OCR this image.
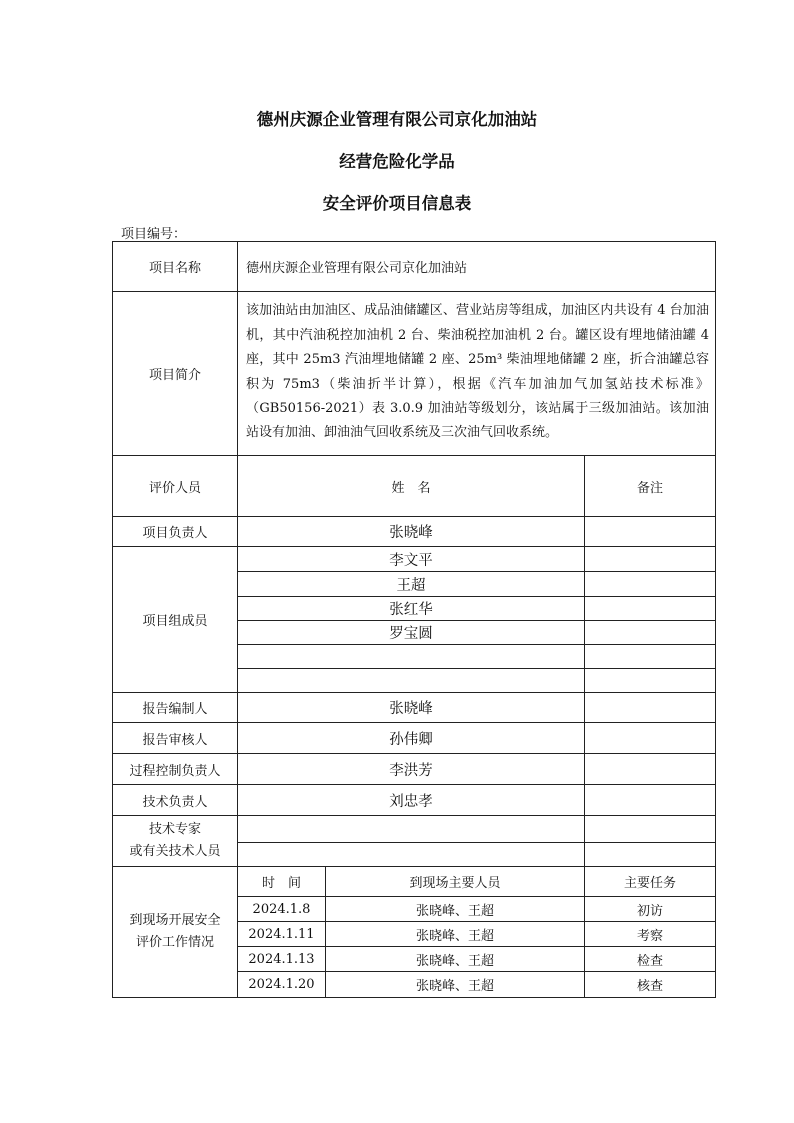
德州庆源企业管理有限公司京化加油站
经营危险化学品
安全评价项目信息表
项目编号：
项目名称	德州庆源企业管理有限公司京化加油站		
项目简介	该加油站由加油区、成品油储罐区、营业站房等组成，加油区内共设有 4 台加油机，其中汽油税控加油机 2 台、柴油税控加油机 2 台。罐区设有埋地储油罐 4 座，其中 25m3 汽油埋地储罐 2 座、25m³ 柴油埋地储罐 2 座，折合油罐总容积为 75m3（柴油折半计算），根据《汽车加油加气加氢站技术标准》（GB50156-2021）表 3.0.9 加油站等级划分，该站属于三级加油站。该加油站设有加油、卸油油气回收系统及三次油气回收系统。		
评价人员	姓　名		备注
项目负责人	张晓峰		
项目组成员	李文平		
	王超		
	张红华		
	罗宝圆		

报告编制人	张晓峰		
报告审核人	孙伟卿		
过程控制负责人	李洪芳		
技术负责人	刘忠孝		

技术专家
或有关技术人员			

到现场开展安全
评价工作情况	时　间	到现场主要人员	主要任务
	2024.1.8	张晓峰、王超	初访
	2024.1.11	张晓峰、王超	考察
	2024.1.13	张晓峰、王超	检查
	2024.1.20	张晓峰、王超	核查
